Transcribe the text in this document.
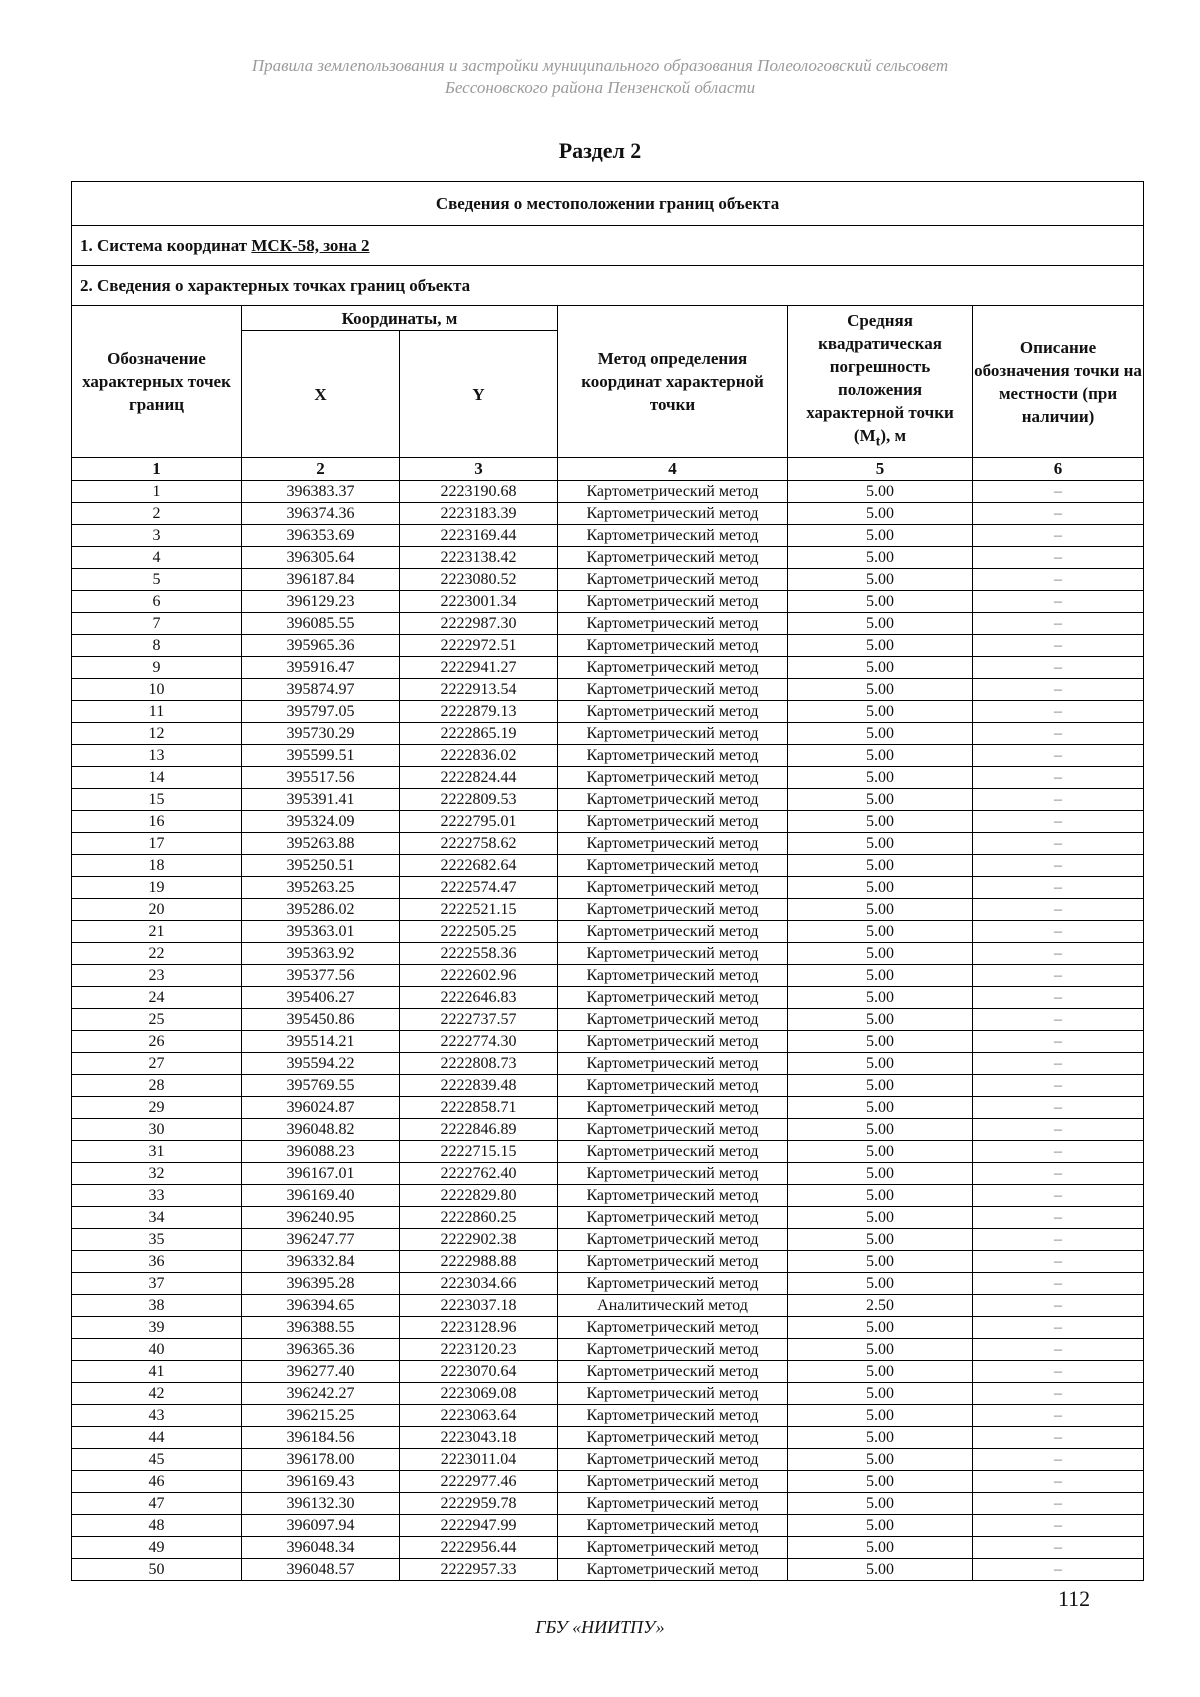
Правила землепользования и застройки муниципального образования Полеологовский сельсовет
Бессоновского района Пензенской области
Раздел 2
Сведения о местоположении границ объекта					
1. Система координат МСК-58, зона 2					
2. Сведения о характерных точках границ объекта					
Обозначение характерных точек границ	Координаты, м		Метод определения координат характерной точки	Средняя квадратическая погрешность положения характерной точки $(M_t)$, м	Описание обозначения точки на местности (при наличии)
	X	Y			
1	2	3	4	5	6
1	396383.37	2223190.68	Картометрический метод	5.00	–
2	396374.36	2223183.39	Картометрический метод	5.00	–
3	396353.69	2223169.44	Картометрический метод	5.00	–
4	396305.64	2223138.42	Картометрический метод	5.00	–
5	396187.84	2223080.52	Картометрический метод	5.00	–
6	396129.23	2223001.34	Картометрический метод	5.00	–
7	396085.55	2222987.30	Картометрический метод	5.00	–
8	395965.36	2222972.51	Картометрический метод	5.00	–
9	395916.47	2222941.27	Картометрический метод	5.00	–
10	395874.97	2222913.54	Картометрический метод	5.00	–
11	395797.05	2222879.13	Картометрический метод	5.00	–
12	395730.29	2222865.19	Картометрический метод	5.00	–
13	395599.51	2222836.02	Картометрический метод	5.00	–
14	395517.56	2222824.44	Картометрический метод	5.00	–
15	395391.41	2222809.53	Картометрический метод	5.00	–
16	395324.09	2222795.01	Картометрический метод	5.00	–
17	395263.88	2222758.62	Картометрический метод	5.00	–
18	395250.51	2222682.64	Картометрический метод	5.00	–
19	395263.25	2222574.47	Картометрический метод	5.00	–
20	395286.02	2222521.15	Картометрический метод	5.00	–
21	395363.01	2222505.25	Картометрический метод	5.00	–
22	395363.92	2222558.36	Картометрический метод	5.00	–
23	395377.56	2222602.96	Картометрический метод	5.00	–
24	395406.27	2222646.83	Картометрический метод	5.00	–
25	395450.86	2222737.57	Картометрический метод	5.00	–
26	395514.21	2222774.30	Картометрический метод	5.00	–
27	395594.22	2222808.73	Картометрический метод	5.00	–
28	395769.55	2222839.48	Картометрический метод	5.00	–
29	396024.87	2222858.71	Картометрический метод	5.00	–
30	396048.82	2222846.89	Картометрический метод	5.00	–
31	396088.23	2222715.15	Картометрический метод	5.00	–
32	396167.01	2222762.40	Картометрический метод	5.00	–
33	396169.40	2222829.80	Картометрический метод	5.00	–
34	396240.95	2222860.25	Картометрический метод	5.00	–
35	396247.77	2222902.38	Картометрический метод	5.00	–
36	396332.84	2222988.88	Картометрический метод	5.00	–
37	396395.28	2223034.66	Картометрический метод	5.00	–
38	396394.65	2223037.18	Аналитический метод	2.50	–
39	396388.55	2223128.96	Картометрический метод	5.00	–
40	396365.36	2223120.23	Картометрический метод	5.00	–
41	396277.40	2223070.64	Картометрический метод	5.00	–
42	396242.27	2223069.08	Картометрический метод	5.00	–
43	396215.25	2223063.64	Картометрический метод	5.00	–
44	396184.56	2223043.18	Картометрический метод	5.00	–
45	396178.00	2223011.04	Картометрический метод	5.00	–
46	396169.43	2222977.46	Картометрический метод	5.00	–
47	396132.30	2222959.78	Картометрический метод	5.00	–
48	396097.94	2222947.99	Картометрический метод	5.00	–
49	396048.34	2222956.44	Картометрический метод	5.00	–
50	396048.57	2222957.33	Картометрический метод	5.00	–
112
ГБУ «НИИТПУ»
